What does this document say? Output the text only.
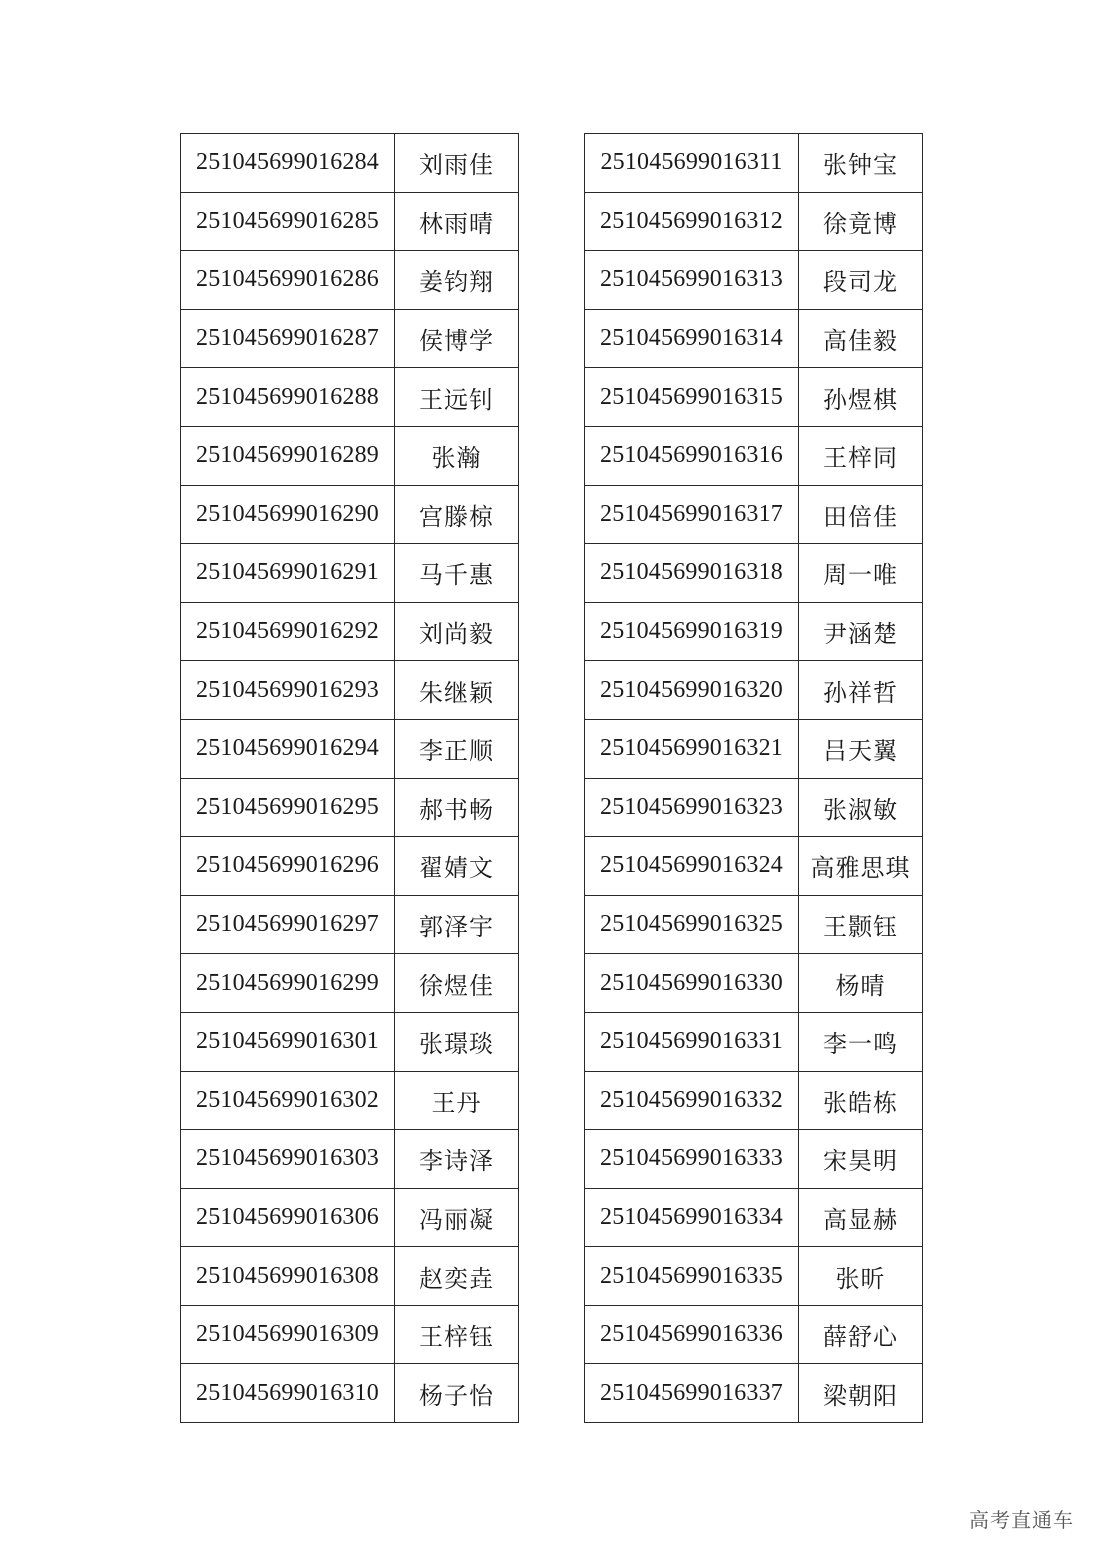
251045699016284	刘雨佳
251045699016285	林雨晴
251045699016286	姜钧翔
251045699016287	侯博学
251045699016288	王远钊
251045699016289	张瀚
251045699016290	宫滕椋
251045699016291	马千惠
251045699016292	刘尚毅
251045699016293	朱继颖
251045699016294	李正顺
251045699016295	郝书畅
251045699016296	翟婧文
251045699016297	郭泽宇
251045699016299	徐煜佳
251045699016301	张璟琰
251045699016302	王丹
251045699016303	李诗泽
251045699016306	冯丽凝
251045699016308	赵奕垚
251045699016309	王梓钰
251045699016310	杨子怡
251045699016311	张钟宝
251045699016312	徐竟博
251045699016313	段司龙
251045699016314	高佳毅
251045699016315	孙煜棋
251045699016316	王梓同
251045699016317	田倍佳
251045699016318	周一唯
251045699016319	尹涵楚
251045699016320	孙祥哲
251045699016321	吕天翼
251045699016323	张淑敏
251045699016324	高雅思琪
251045699016325	王颢钰
251045699016330	杨晴
251045699016331	李一鸣
251045699016332	张皓栋
251045699016333	宋昊明
251045699016334	高显赫
251045699016335	张昕
251045699016336	薛舒心
251045699016337	梁朝阳
高考直通车
